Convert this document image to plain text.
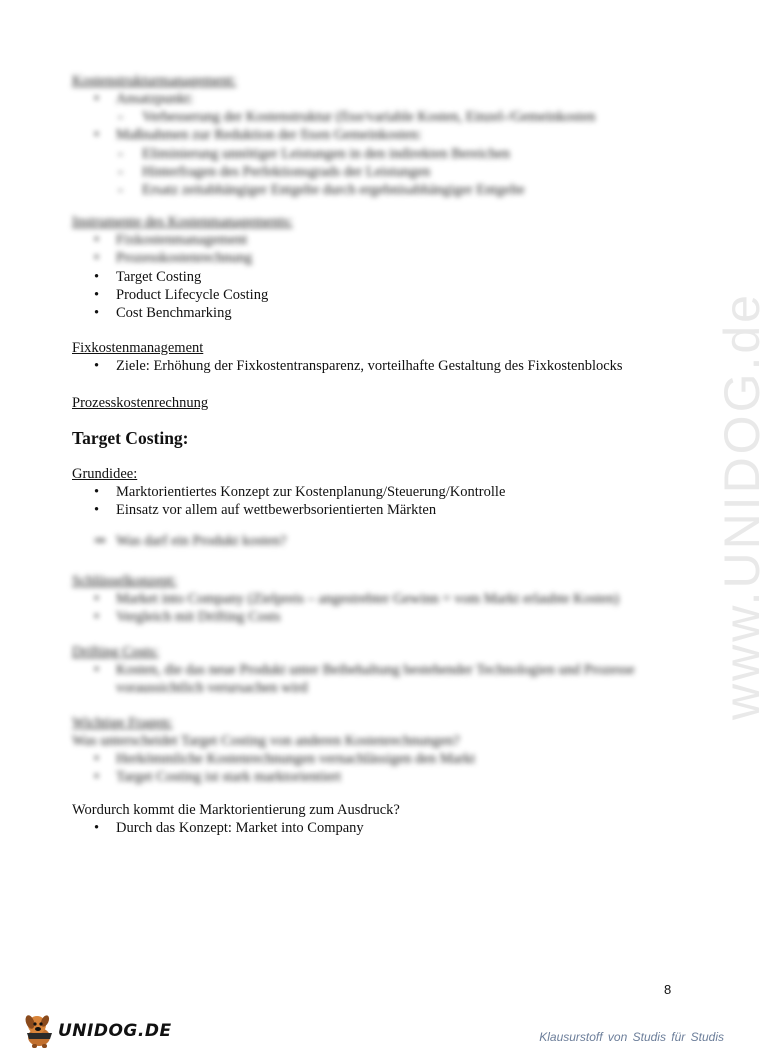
www.UNIDOG.de
Kostenstrukturmanagement:
• Ansatzpunkt:
- Verbesserung der Kostenstruktur (fixe/variable Kosten, Einzel-/Gemeinkosten
• Maßnahmen zur Reduktion der fixen Gemeinkosten:
- Eliminierung unnötiger Leistungen in den indirekten Bereichen
- Hinterfragen des Perfektionsgrads der Leistungen
- Ersatz zeitabhängiger Entgelte durch ergebnisabhängiger Entgelte
Instrumente des Kostenmanagements:
• Fixkostenmanagement
• Prozesskostenrechnung
• Target Costing
• Product Lifecycle Costing
• Cost Benchmarking
Fixkostenmanagement
• Ziele: Erhöhung der Fixkostentransparenz, vorteilhafte Gestaltung des Fixkostenblocks
Prozesskostenrechnung
Target Costing:
Grundidee:
• Marktorientiertes Konzept zur Kostenplanung/Steuerung/Kontrolle
• Einsatz vor allem auf wettbewerbsorientierten Märkten
⇒ Was darf ein Produkt kosten?
Schlüsselkonzept:
• Market into Company (Zielpreis – angestrebter Gewinn = vom Markt erlaubte Kosten)
• Vergleich mit Drifting Costs
Drifting Costs:
• Kosten, die das neue Produkt unter Beibehaltung bestehender Technologien und Prozesse voraussichtlich verursachen wird
Wichtige Fragen:
Was unterscheidet Target Costing von anderen Kostenrechnungen?
• Herkömmliche Kostenrechnungen vernachlässigen den Markt
• Target Costing ist stark marktorientiert
Wordurch kommt die Marktorientierung zum Ausdruck?
• Durch das Konzept: Market into Company
8
UNIDOG.DE	Klausurstoff von Studis für Studis
